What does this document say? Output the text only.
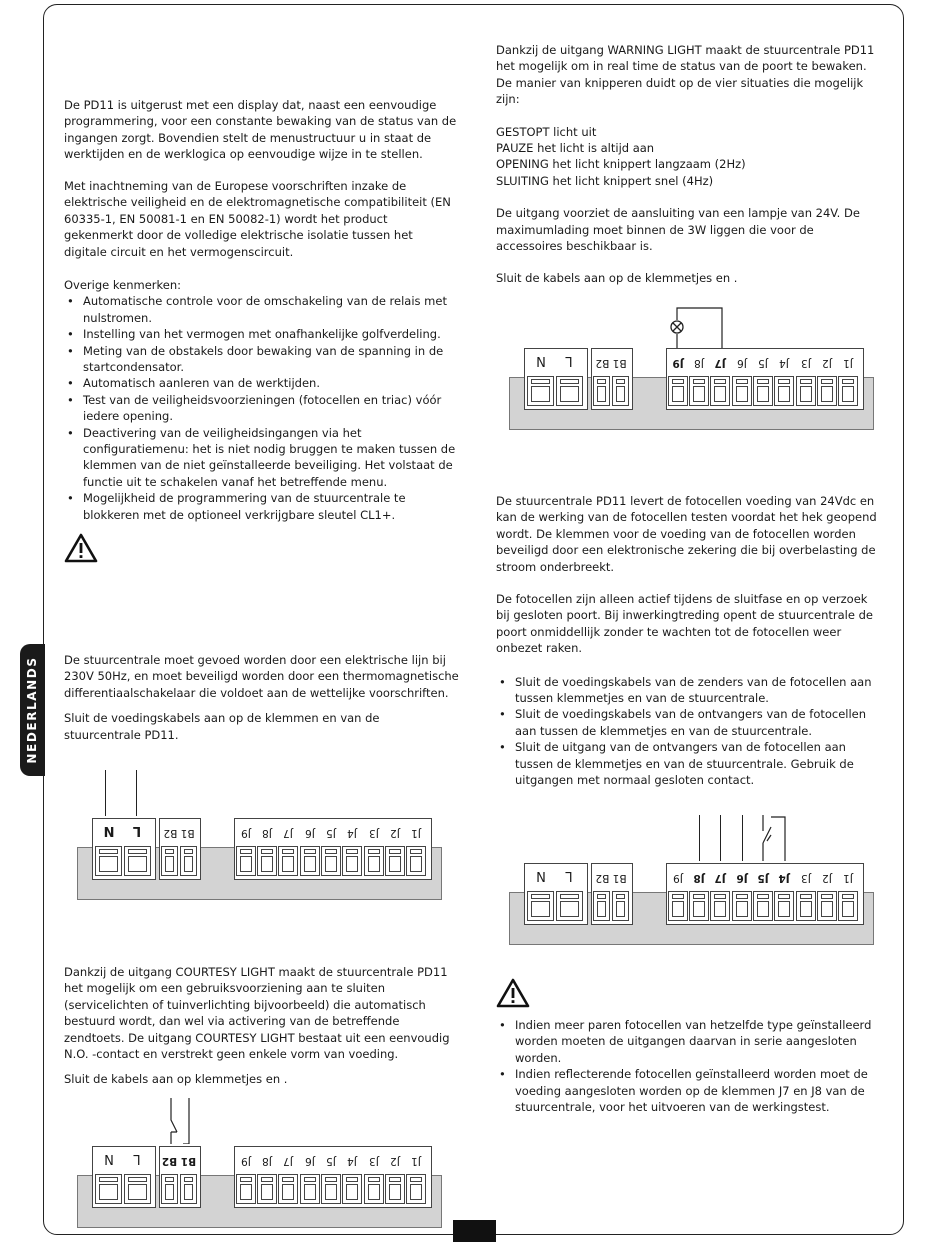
NEDERLANDS

De PD11 is uitgerust met een display dat, naast een eenvoudige programmering, voor een constante bewaking van de status van de ingangen zorgt. Bovendien stelt de menustructuur u in staat de werktijden en de werklogica op eenvoudige wijze in te stellen.

Met inachtneming van de Europese voorschriften inzake de elektrische veiligheid en de elektromagnetische compatibiliteit (EN 60335-1, EN 50081-1 en EN 50082-1) wordt het product gekenmerkt door de volledige elektrische isolatie tussen het digitale circuit en het vermogenscircuit.

Overige kenmerken:

• Automatische controle voor de omschakeling van de relais met nulstromen.
• Instelling van het vermogen met onafhankelijke golfverdeling.
• Meting van de obstakels door bewaking van de spanning in de startcondensator.
• Automatisch aanleren van de werktijden.
• Test van de veiligheidsvoorzieningen (fotocellen en triac) vóór iedere opening.
• Deactivering van de veiligheidsingangen via het configuratiemenu: het is niet nodig bruggen te maken tussen de klemmen van de niet geïnstalleerde beveiliging. Het volstaat de functie uit te schakelen vanaf het betreffende menu.
• Mogelijkheid de programmering van de stuurcentrale te blokkeren met de optioneel verkrijgbare sleutel CL1+.

De stuurcentrale moet gevoed worden door een elektrische lijn bij 230V 50Hz, en moet beveiligd worden door een thermomagnetische differentiaalschakelaar die voldoet aan de wettelijke voorschriften.

Sluit de voedingskabels aan op de klemmen en van de stuurcentrale PD11.

N	L	B1 B2	J9	J8	J7	J6	J5	J4	J3	J2	J1

Dankzij de uitgang COURTESY LIGHT maakt de stuurcentrale PD11 het mogelijk om een gebruiksvoorziening aan te sluiten (servicelichten of tuinverlichting bijvoorbeeld) die automatisch bestuurd wordt, dan wel via activering van de betreffende zendtoets. De uitgang COURTESY LIGHT bestaat uit een eenvoudig N.O. -contact en verstrekt geen enkele vorm van voeding.

Sluit de kabels aan op klemmetjes en .

N	L	B1 B2	J9	J8	J7	J6	J5	J4	J3	J2	J1

Dankzij de uitgang WARNING LIGHT maakt de stuurcentrale PD11 het mogelijk om in real time de status van de poort te bewaken. De manier van knipperen duidt op de vier situaties die mogelijk zijn:

GESTOPT licht uit

PAUZE het licht is altijd aan

OPENING het licht knippert langzaam (2Hz)

SLUITING het licht knippert snel (4Hz)

De uitgang voorziet de aansluiting van een lampje van 24V. De maximumlading moet binnen de 3W liggen die voor de accessoires beschikbaar is.

Sluit de kabels aan op de klemmetjes en .

N	L	B1 B2	J9	J8	J7	J6	J5	J4	J3	J2	J1

De stuurcentrale PD11 levert de fotocellen voeding van 24Vdc en kan de werking van de fotocellen testen voordat het hek geopend wordt. De klemmen voor de voeding van de fotocellen worden beveiligd door een elektronische zekering die bij overbelasting de stroom onderbreekt.

De fotocellen zijn alleen actief tijdens de sluitfase en op verzoek bij gesloten poort. Bij inwerkingtreding opent de stuurcentrale de poort onmiddellijk zonder te wachten tot de fotocellen weer onbezet raken.

• Sluit de voedingskabels van de zenders van de fotocellen aan tussen klemmetjes en van de stuurcentrale.
• Sluit de voedingskabels van de ontvangers van de fotocellen aan tussen de klemmetjes en van de stuurcentrale.
• Sluit de uitgang van de ontvangers van de fotocellen aan tussen de klemmetjes en van de stuurcentrale. Gebruik de uitgangen met normaal gesloten contact.
N	L	B1 B2	J9	J8 J7	J6 J5 J4	J3	J2	J1
• Indien meer paren fotocellen van hetzelfde type geïnstalleerd worden moeten de uitgangen daarvan in serie aangesloten worden.
• Indien reflecterende fotocellen geïnstalleerd worden moet de voeding aangesloten worden op de klemmen J7 en J8 van de stuurcentrale, voor het uitvoeren van de werkingstest.
